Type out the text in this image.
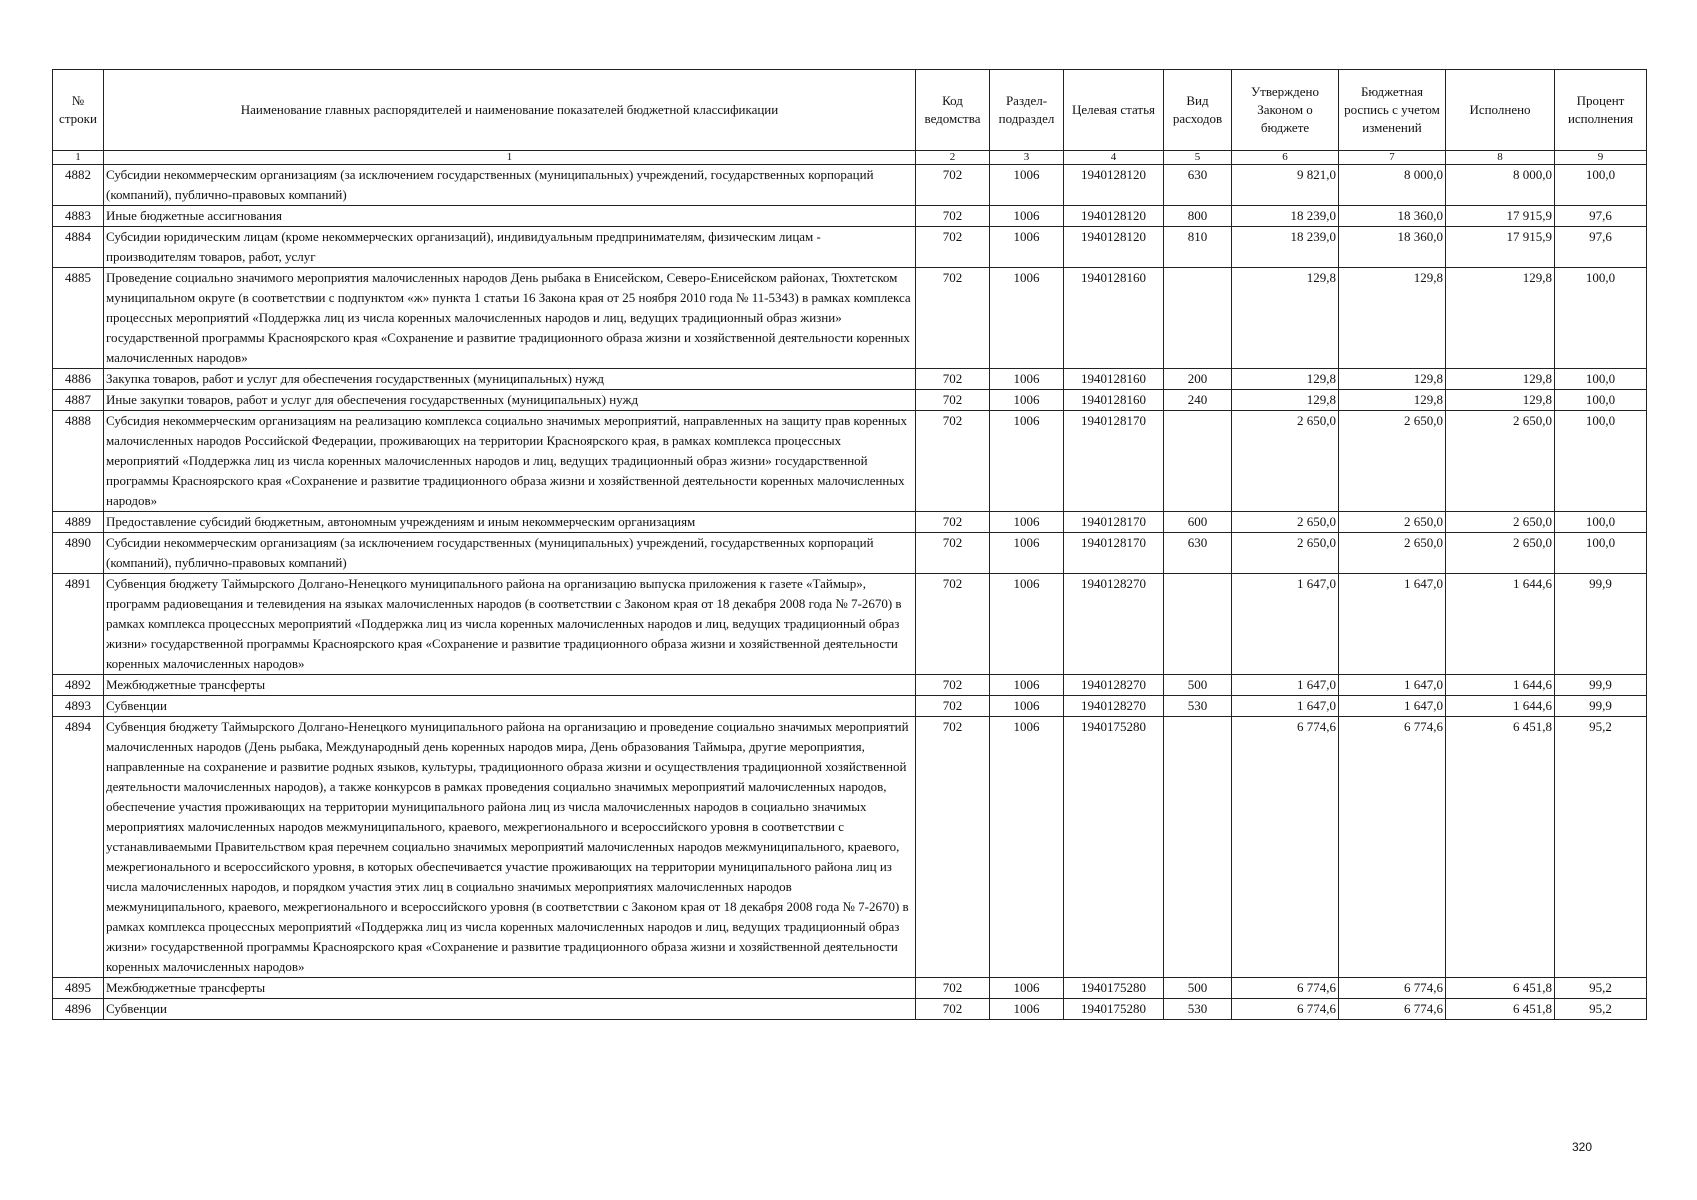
№ строки	Наименование главных распорядителей и наименование показателей бюджетной классификации	Код ведомства	Раздел-подраздел	Целевая статья	Вид расходов	Утверждено Законом о бюджете	Бюджетная роспись с учетом изменений	Исполнено	Процент исполнения
1	1	2	3	4	5	6	7	8	9
4882	Субсидии некоммерческим организациям (за исключением государственных (муниципальных) учреждений, государственных корпораций (компаний), публично-правовых компаний)	702	1006	1940128120	630	9 821,0	8 000,0	8 000,0	100,0
4883	Иные бюджетные ассигнования	702	1006	1940128120	800	18 239,0	18 360,0	17 915,9	97,6
4884	Субсидии юридическим лицам (кроме некоммерческих организаций), индивидуальным предпринимателям, физическим лицам - производителям товаров, работ, услуг	702	1006	1940128120	810	18 239,0	18 360,0	17 915,9	97,6
4885	Проведение социально значимого мероприятия малочисленных народов День рыбака в Енисейском, Северо-Енисейском районах, Тюхтетском муниципальном округе (в соответствии с подпунктом «ж» пункта 1 статьи 16 Закона края от 25 ноября 2010 года № 11-5343) в рамках комплекса процессных мероприятий «Поддержка лиц из числа коренных малочисленных народов и лиц, ведущих традиционный образ жизни» государственной программы Красноярского края «Сохранение и развитие традиционного образа жизни и хозяйственной деятельности коренных малочисленных народов»	702	1006	1940128160		129,8	129,8	129,8	100,0
4886	Закупка товаров, работ и услуг для обеспечения государственных (муниципальных) нужд	702	1006	1940128160	200	129,8	129,8	129,8	100,0
4887	Иные закупки товаров, работ и услуг для обеспечения государственных (муниципальных) нужд	702	1006	1940128160	240	129,8	129,8	129,8	100,0
4888	Субсидия некоммерческим организациям на реализацию комплекса социально значимых мероприятий, направленных на защиту прав коренных малочисленных народов Российской Федерации, проживающих на территории Красноярского края, в рамках комплекса процессных мероприятий «Поддержка лиц из числа коренных малочисленных народов и лиц, ведущих традиционный образ жизни» государственной программы Красноярского края «Сохранение и развитие традиционного образа жизни и хозяйственной деятельности коренных малочисленных народов»	702	1006	1940128170		2 650,0	2 650,0	2 650,0	100,0
4889	Предоставление субсидий бюджетным, автономным учреждениям и иным некоммерческим организациям	702	1006	1940128170	600	2 650,0	2 650,0	2 650,0	100,0
4890	Субсидии некоммерческим организациям (за исключением государственных (муниципальных) учреждений, государственных корпораций (компаний), публично-правовых компаний)	702	1006	1940128170	630	2 650,0	2 650,0	2 650,0	100,0
4891	Субвенция бюджету Таймырского Долгано-Ненецкого муниципального района на организацию выпуска приложения к газете «Таймыр», программ радиовещания и телевидения на языках малочисленных народов (в соответствии с Законом края от 18 декабря 2008 года № 7-2670) в рамках комплекса процессных мероприятий «Поддержка лиц из числа коренных малочисленных народов и лиц, ведущих традиционный образ жизни» государственной программы Красноярского края «Сохранение и развитие традиционного образа жизни и хозяйственной деятельности коренных малочисленных народов»	702	1006	1940128270		1 647,0	1 647,0	1 644,6	99,9
4892	Межбюджетные трансферты	702	1006	1940128270	500	1 647,0	1 647,0	1 644,6	99,9
4893	Субвенции	702	1006	1940128270	530	1 647,0	1 647,0	1 644,6	99,9
4894	Субвенция бюджету Таймырского Долгано-Ненецкого муниципального района на организацию и проведение социально значимых мероприятий малочисленных народов (День рыбака, Международный день коренных народов мира, День образования Таймыра, другие мероприятия, направленные на сохранение и развитие родных языков, культуры, традиционного образа жизни и осуществления традиционной хозяйственной деятельности малочисленных народов), а также конкурсов в рамках проведения социально значимых мероприятий малочисленных народов, обеспечение участия проживающих на территории муниципального района лиц из числа малочисленных народов в социально значимых мероприятиях малочисленных народов межмуниципального, краевого, межрегионального и всероссийского уровня в соответствии с устанавливаемыми Правительством края перечнем социально значимых мероприятий малочисленных народов межмуниципального, краевого, межрегионального и всероссийского уровня, в которых обеспечивается участие проживающих на территории муниципального района лиц из числа малочисленных народов, и порядком участия этих лиц в социально значимых мероприятиях малочисленных народов межмуниципального, краевого, межрегионального и всероссийского уровня (в соответствии с Законом края от 18 декабря 2008 года № 7-2670) в рамках комплекса процессных мероприятий «Поддержка лиц из числа коренных малочисленных народов и лиц, ведущих традиционный образ жизни» государственной программы Красноярского края «Сохранение и развитие традиционного образа жизни и хозяйственной деятельности коренных малочисленных народов»	702	1006	1940175280		6 774,6	6 774,6	6 451,8	95,2
4895	Межбюджетные трансферты	702	1006	1940175280	500	6 774,6	6 774,6	6 451,8	95,2
4896	Субвенции	702	1006	1940175280	530	6 774,6	6 774,6	6 451,8	95,2
320
